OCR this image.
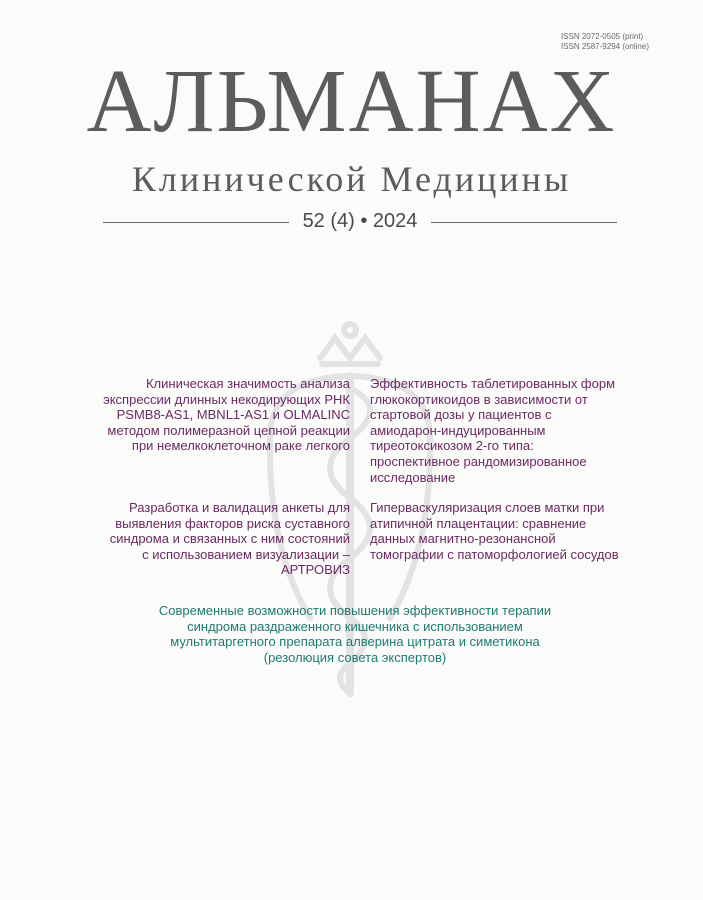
ISSN 2072-0505 (print)
ISSN 2587-9294 (online)
АЛЬМАНАХ
Клинической Медицины
52 (4) • 2024
Клиническая значимость анализа экспрессии длинных некодирующих РНК PSMB8-AS1, MBNL1-AS1 и OLMALINC методом полимеразной цепной реакции при немелкоклеточном раке легкого
Разработка и валидация анкеты для выявления факторов риска суставного синдрома и связанных с ним состояний с использованием визуализации – АРТРОВИЗ
Эффективность таблетированных форм глюкокортикоидов в зависимости от стартовой дозы у пациентов с амиодарон-индуцированным тиреотоксикозом 2-го типа: проспективное рандомизированное исследование
Гиперваскуляризация слоев матки при атипичной плацентации: сравнение данных магнитно-резонансной томографии с патоморфологией сосудов
Современные возможности повышения эффективности терапии синдрома раздраженного кишечника с использованием мультитаргетного препарата алверина цитрата и симетикона (резолюция совета экспертов)
